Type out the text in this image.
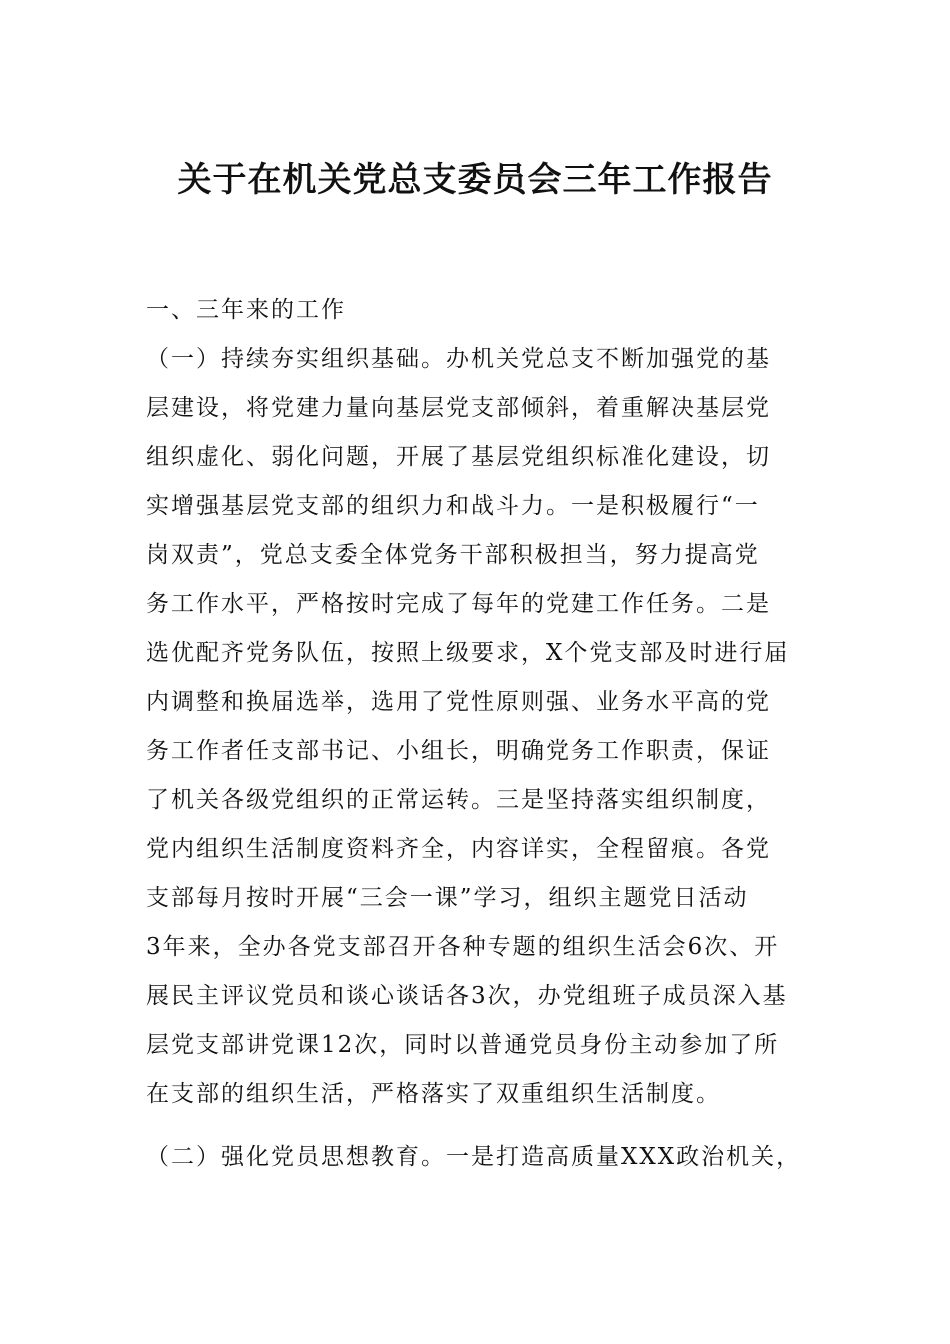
关于在机关党总支委员会三年工作报告
一、三年来的工作
（一）持续夯实组织基础。办机关党总支不断加强党的基
层建设，将党建力量向基层党支部倾斜，着重解决基层党
组织虚化、弱化问题，开展了基层党组织标准化建设，切
实增强基层党支部的组织力和战斗力。一是积极履行“一
岗双责”，党总支委全体党务干部积极担当，努力提高党
务工作水平，严格按时完成了每年的党建工作任务。二是
选优配齐党务队伍，按照上级要求，X个党支部及时进行届
内调整和换届选举，选用了党性原则强、业务水平高的党
务工作者任支部书记、小组长，明确党务工作职责，保证
了机关各级党组织的正常运转。三是坚持落实组织制度，
党内组织生活制度资料齐全，内容详实，全程留痕。各党
支部每月按时开展“三会一课”学习，组织主题党日活动
3年来，全办各党支部召开各种专题的组织生活会6次、开
展民主评议党员和谈心谈话各3次，办党组班子成员深入基
层党支部讲党课12次，同时以普通党员身份主动参加了所
在支部的组织生活，严格落实了双重组织生活制度。
（二）强化党员思想教育。一是打造高质量XXX政治机关，
